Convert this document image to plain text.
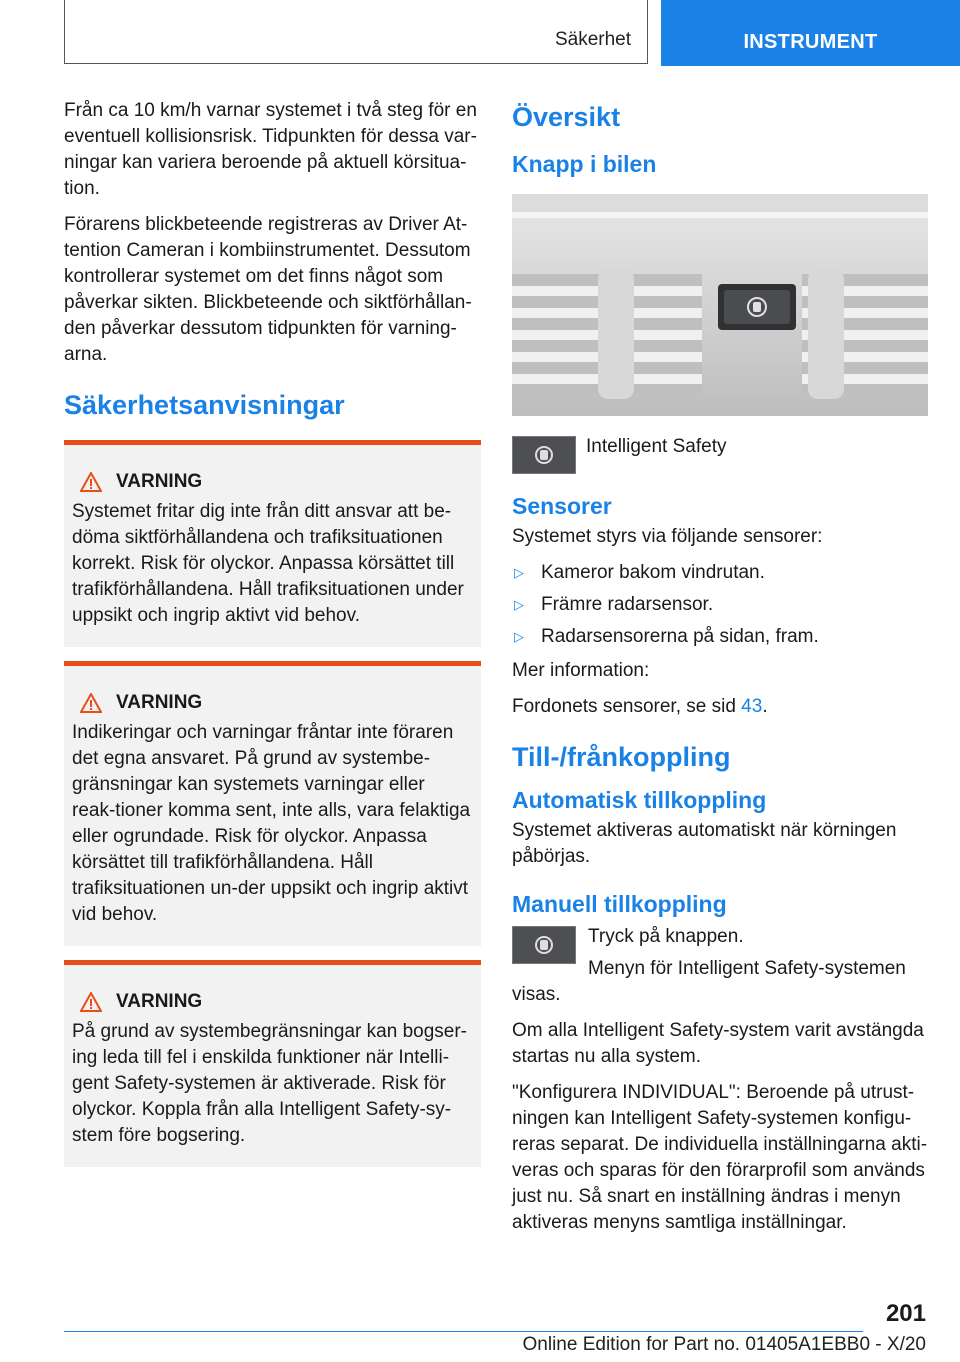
Säkerhet	INSTRUMENT

Från ca 10 km/h varnar systemet i två steg för en eventuell kollisionsrisk. Tidpunkten för dessa var-ningar kan variera beroende på aktuell körsitua-tion.

Förarens blickbeteende registreras av Driver At-tention Cameran i kombiinstrumentet. Dessutom kontrollerar systemet om det finns något som påverkar sikten. Blickbeteende och siktförhållan-den påverkar dessutom tidpunkten för varning-arna.

Säkerhetsanvisningar
VARNING

Systemet fritar dig inte från ditt ansvar att be-döma siktförhållandena och trafiksituationen korrekt. Risk för olyckor. Anpassa körsättet till trafikförhållandena. Håll trafiksituationen under uppsikt och ingrip aktivt vid behov.

VARNING

Indikeringar och varningar fråntar inte föraren det egna ansvaret. På grund av systembe-gränsningar kan systemets varningar eller reak-tioner komma sent, inte alls, vara felaktiga eller ogrundade. Risk för olyckor. Anpassa körsättet till trafikförhållandena. Håll trafiksituationen un-der uppsikt och ingrip aktivt vid behov.

VARNING

På grund av systembegränsningar kan bogser-ing leda till fel i enskilda funktioner när Intelli-gent Safety-systemen är aktiverade. Risk för olyckor. Koppla från alla Intelligent Safety-sy-stem före bogsering.

Översikt
Knapp i bilen

Intelligent Safety

Sensorer

Systemet styrs via följande sensorer:

▷ Kameror bakom vindrutan.
▷ Främre radarsensor.
▷ Radarsensorerna på sidan, fram.

Mer information:

Fordonets sensorer, se sid 43.

Till-/frånkoppling
Automatisk tillkoppling

Systemet aktiveras automatiskt när körningen påbörjas.

Manuell tillkoppling

Tryck på knappen.

Menyn för Intelligent Safety-systemen visas.

Om alla Intelligent Safety-system varit avstängda startas nu alla system.

"Konfigurera INDIVIDUAL": Beroende på utrust-ningen kan Intelligent Safety-systemen konfigu-reras separat. De individuella inställningarna akti-veras och sparas för den förarprofil som används just nu. Så snart en inställning ändras i menyn aktiveras menyns samtliga inställningar.

201
Online Edition for Part no. 01405A1EBB0 - X/20
